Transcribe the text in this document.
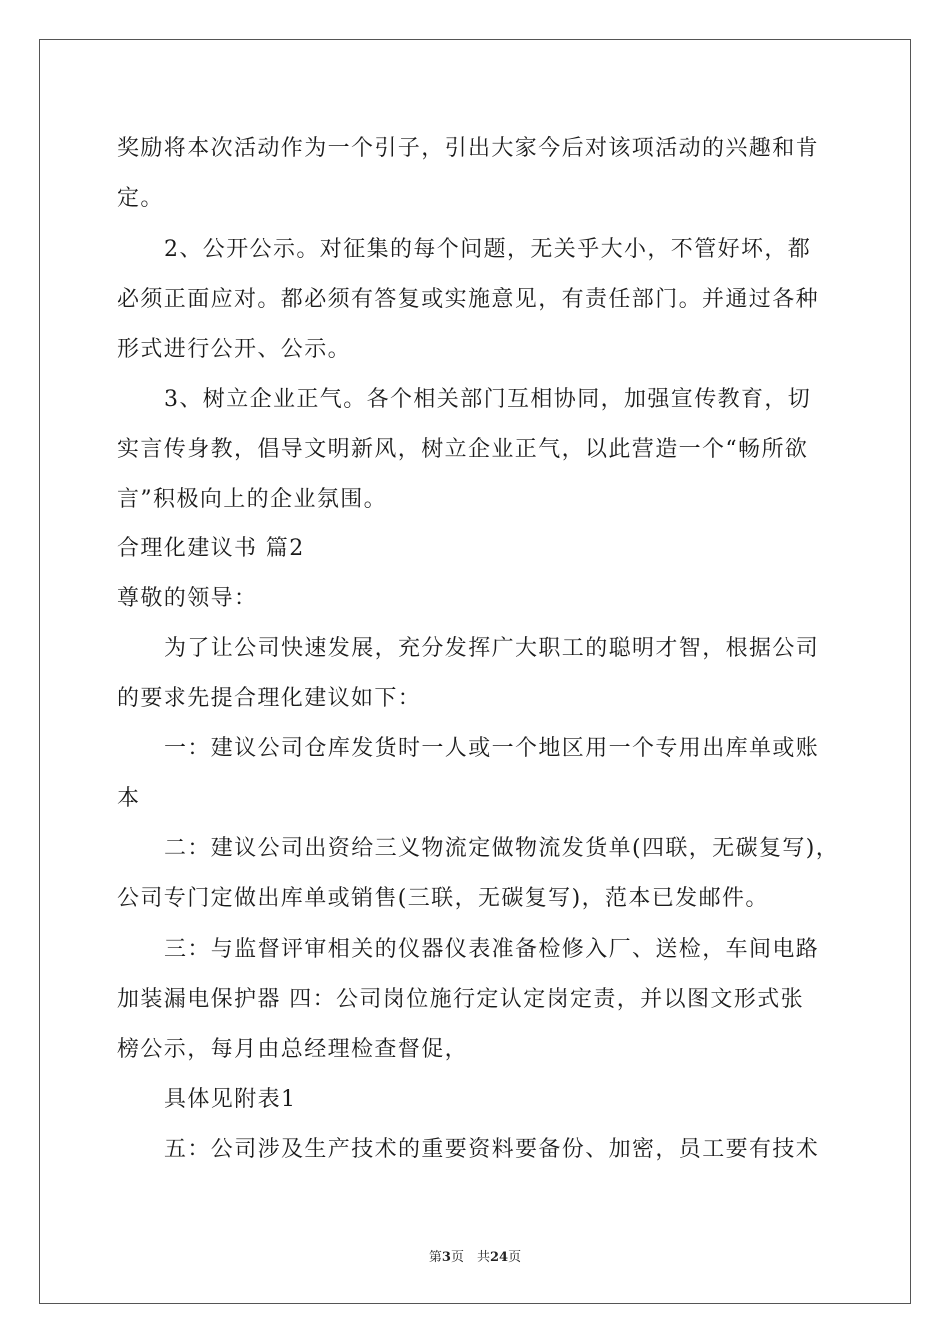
奖励将本次活动作为一个引子，引出大家今后对该项活动的兴趣和肯
定。
2、公开公示。对征集的每个问题，无关乎大小，不管好坏，都
必须正面应对。都必须有答复或实施意见，有责任部门。并通过各种
形式进行公开、公示。
3、树立企业正气。各个相关部门互相协同，加强宣传教育，切
实言传身教，倡导文明新风，树立企业正气，以此营造一个“畅所欲
言”积极向上的企业氛围。
合理化建议书 篇2
尊敬的领导：
为了让公司快速发展，充分发挥广大职工的聪明才智，根据公司
的要求先提合理化建议如下：
一：建议公司仓库发货时一人或一个地区用一个专用出库单或账
本
二：建议公司出资给三义物流定做物流发货单(四联，无碳复写)，
公司专门定做出库单或销售(三联，无碳复写)，范本已发邮件。
三：与监督评审相关的仪器仪表准备检修入厂、送检，车间电路
加装漏电保护器 四：公司岗位施行定认定岗定责，并以图文形式张
榜公示，每月由总经理检查督促，
具体见附表1
五：公司涉及生产技术的重要资料要备份、加密，员工要有技术
第3页　共24页
